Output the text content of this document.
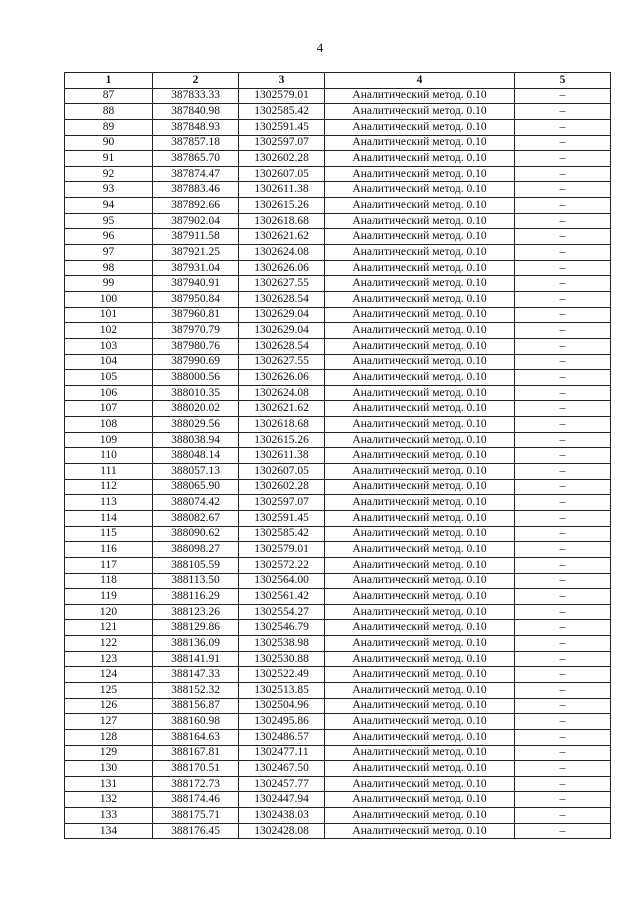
4
1	2	3	4	5
87	387833.33	1302579.01	Аналитический метод. 0.10	–
88	387840.98	1302585.42	Аналитический метод. 0.10	–
89	387848.93	1302591.45	Аналитический метод. 0.10	–
90	387857.18	1302597.07	Аналитический метод. 0.10	–
91	387865.70	1302602.28	Аналитический метод. 0.10	–
92	387874.47	1302607.05	Аналитический метод. 0.10	–
93	387883.46	1302611.38	Аналитический метод. 0.10	–
94	387892.66	1302615.26	Аналитический метод. 0.10	–
95	387902.04	1302618.68	Аналитический метод. 0.10	–
96	387911.58	1302621.62	Аналитический метод. 0.10	–
97	387921.25	1302624.08	Аналитический метод. 0.10	–
98	387931.04	1302626.06	Аналитический метод. 0.10	–
99	387940.91	1302627.55	Аналитический метод. 0.10	–
100	387950.84	1302628.54	Аналитический метод. 0.10	–
101	387960.81	1302629.04	Аналитический метод. 0.10	–
102	387970.79	1302629.04	Аналитический метод. 0.10	–
103	387980.76	1302628.54	Аналитический метод. 0.10	–
104	387990.69	1302627.55	Аналитический метод. 0.10	–
105	388000.56	1302626.06	Аналитический метод. 0.10	–
106	388010.35	1302624.08	Аналитический метод. 0.10	–
107	388020.02	1302621.62	Аналитический метод. 0.10	–
108	388029.56	1302618.68	Аналитический метод. 0.10	–
109	388038.94	1302615.26	Аналитический метод. 0.10	–
110	388048.14	1302611.38	Аналитический метод. 0.10	–
111	388057.13	1302607.05	Аналитический метод. 0.10	–
112	388065.90	1302602.28	Аналитический метод. 0.10	–
113	388074.42	1302597.07	Аналитический метод. 0.10	–
114	388082.67	1302591.45	Аналитический метод. 0.10	–
115	388090.62	1302585.42	Аналитический метод. 0.10	–
116	388098.27	1302579.01	Аналитический метод. 0.10	–
117	388105.59	1302572.22	Аналитический метод. 0.10	–
118	388113.50	1302564.00	Аналитический метод. 0.10	–
119	388116.29	1302561.42	Аналитический метод. 0.10	–
120	388123.26	1302554.27	Аналитический метод. 0.10	–
121	388129.86	1302546.79	Аналитический метод. 0.10	–
122	388136.09	1302538.98	Аналитический метод. 0.10	–
123	388141.91	1302530.88	Аналитический метод. 0.10	–
124	388147.33	1302522.49	Аналитический метод. 0.10	–
125	388152.32	1302513.85	Аналитический метод. 0.10	–
126	388156.87	1302504.96	Аналитический метод. 0.10	–
127	388160.98	1302495.86	Аналитический метод. 0.10	–
128	388164.63	1302486.57	Аналитический метод. 0.10	–
129	388167.81	1302477.11	Аналитический метод. 0.10	–
130	388170.51	1302467.50	Аналитический метод. 0.10	–
131	388172.73	1302457.77	Аналитический метод. 0.10	–
132	388174.46	1302447.94	Аналитический метод. 0.10	–
133	388175.71	1302438.03	Аналитический метод. 0.10	–
134	388176.45	1302428.08	Аналитический метод. 0.10	–
